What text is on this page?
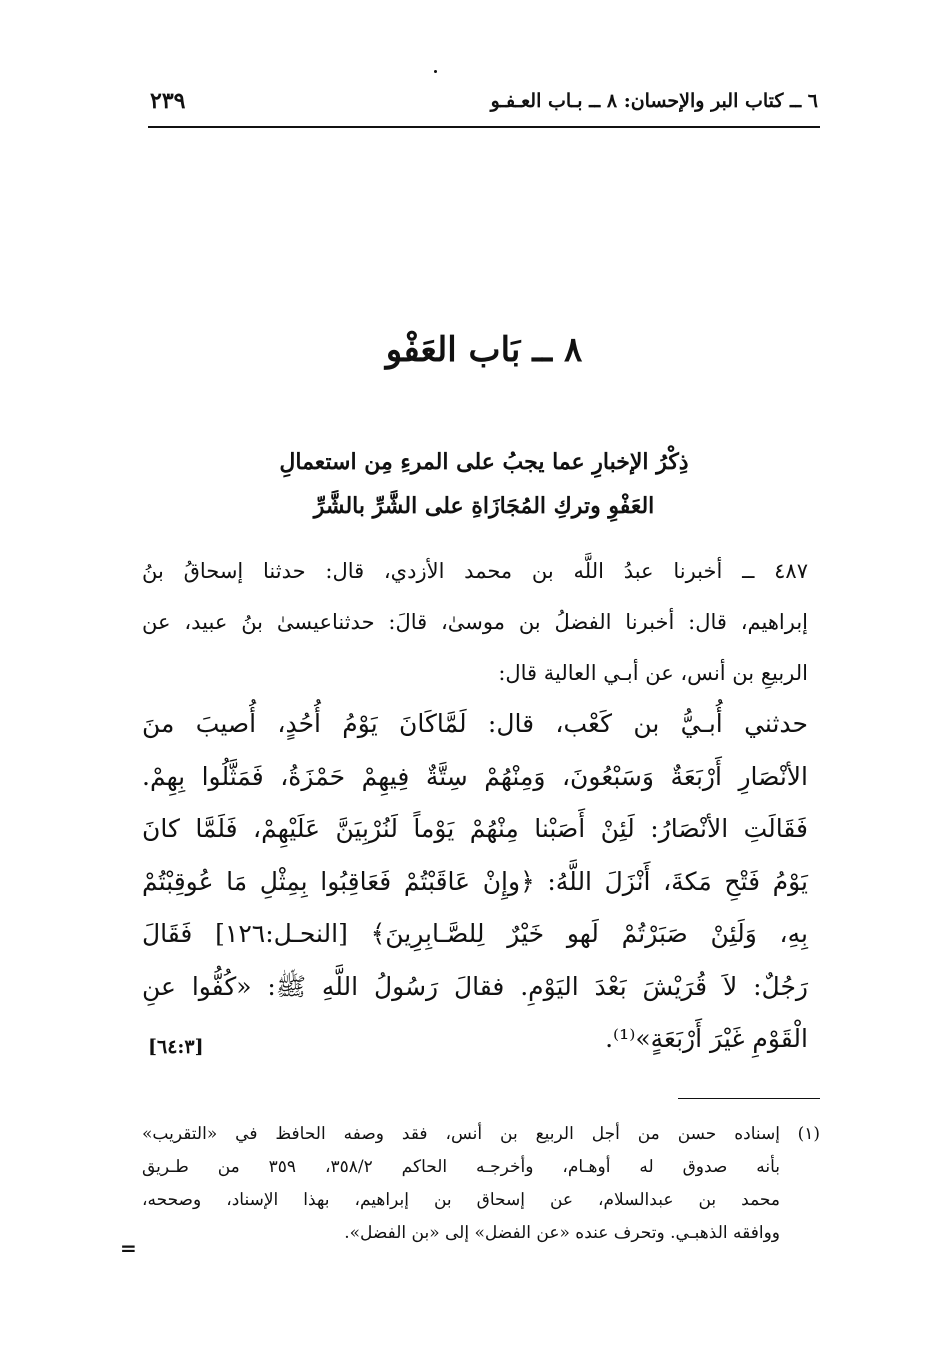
٦ ــ كتاب البر والإحسان: ٨ ــ بـاب العـفـو
٢٣٩
٨ ــ بَاب العَفْو
ذِكْرُ الإخبارِ عما يجبُ على المرءِ مِن استعمالِ
العَفْوِ وتركِ المُجَازَاةِ على الشَّرِّ بالشَّرِّ
٤٨٧ ــ أخبرنا عبدُ اللَّه بن محمد الأزدي، قال: حدثنا إسحاقُ بنُ
إبراهيم، قال: أخبرنا الفضلُ بن موسىٰ، قالَ: حدثناعيسىٰ بنُ عبيد، عن
الربيعِ بن أنس، عن أبـي العالية قال:
حدثني أُبـيُّ بن كَعْب، قال: لَمَّاكَانَ يَوْمُ أُحُدٍ، أُصيبَ منَ
الأنْصَارِ أَرْبَعَةٌ وَسَبْعُونَ، وَمِنْهُمْ سِتَّةٌ فِيهِمْ حَمْزَةُ، فَمَثَّلُوا بِهِمْ.
فَقَالَتِ الأنْصَارُ: لَئِنْ أَصَبْنا مِنْهُمْ يَوْماً لَنُرْبِيَنَّ عَلَيْهِمْ، فَلَمَّا كانَ
يَوْمُ فَتْحِ مَكةَ، أَنْزَلَ اللَّهُ: ﴿وإِنْ عَاقَبْتُمْ فَعَاقِبُوا بِمِثْلِ مَا عُوقِبْتُمْ
بِهِ، وَلَئِنْ صَبَرْتُمْ لَهو خَيْرٌ لِلصَّـابِرِينَ﴾ [النحـل:١٢٦] فَقَالَ
رَجُلٌ: لاَ قُرَيْشَ بَعْدَ اليَوْمِ. فقالَ رَسُولُ اللَّهِ ﷺ: «كُفُّوا عنِ
الْقَوْمِ غَيْرَ أَرْبَعَةٍ»⁽¹⁾.
[٦٤:٣]
(١)
إسناده حسن من أجل الربيع بن أنس، فقد وصفه الحافظ في «التقريب»
بأنه صدوق له أوهـام، وأخرجـه الحاكم ٣٥٨/٢، ٣٥٩ من طـريق
محمد بن عبدالسلام، عن إسحاق بن إبراهيم، بهذا الإسناد، وصححه،
ووافقه الذهبـي. وتحرف عنده «عن الفضل» إلى «بن الفضل».
=
